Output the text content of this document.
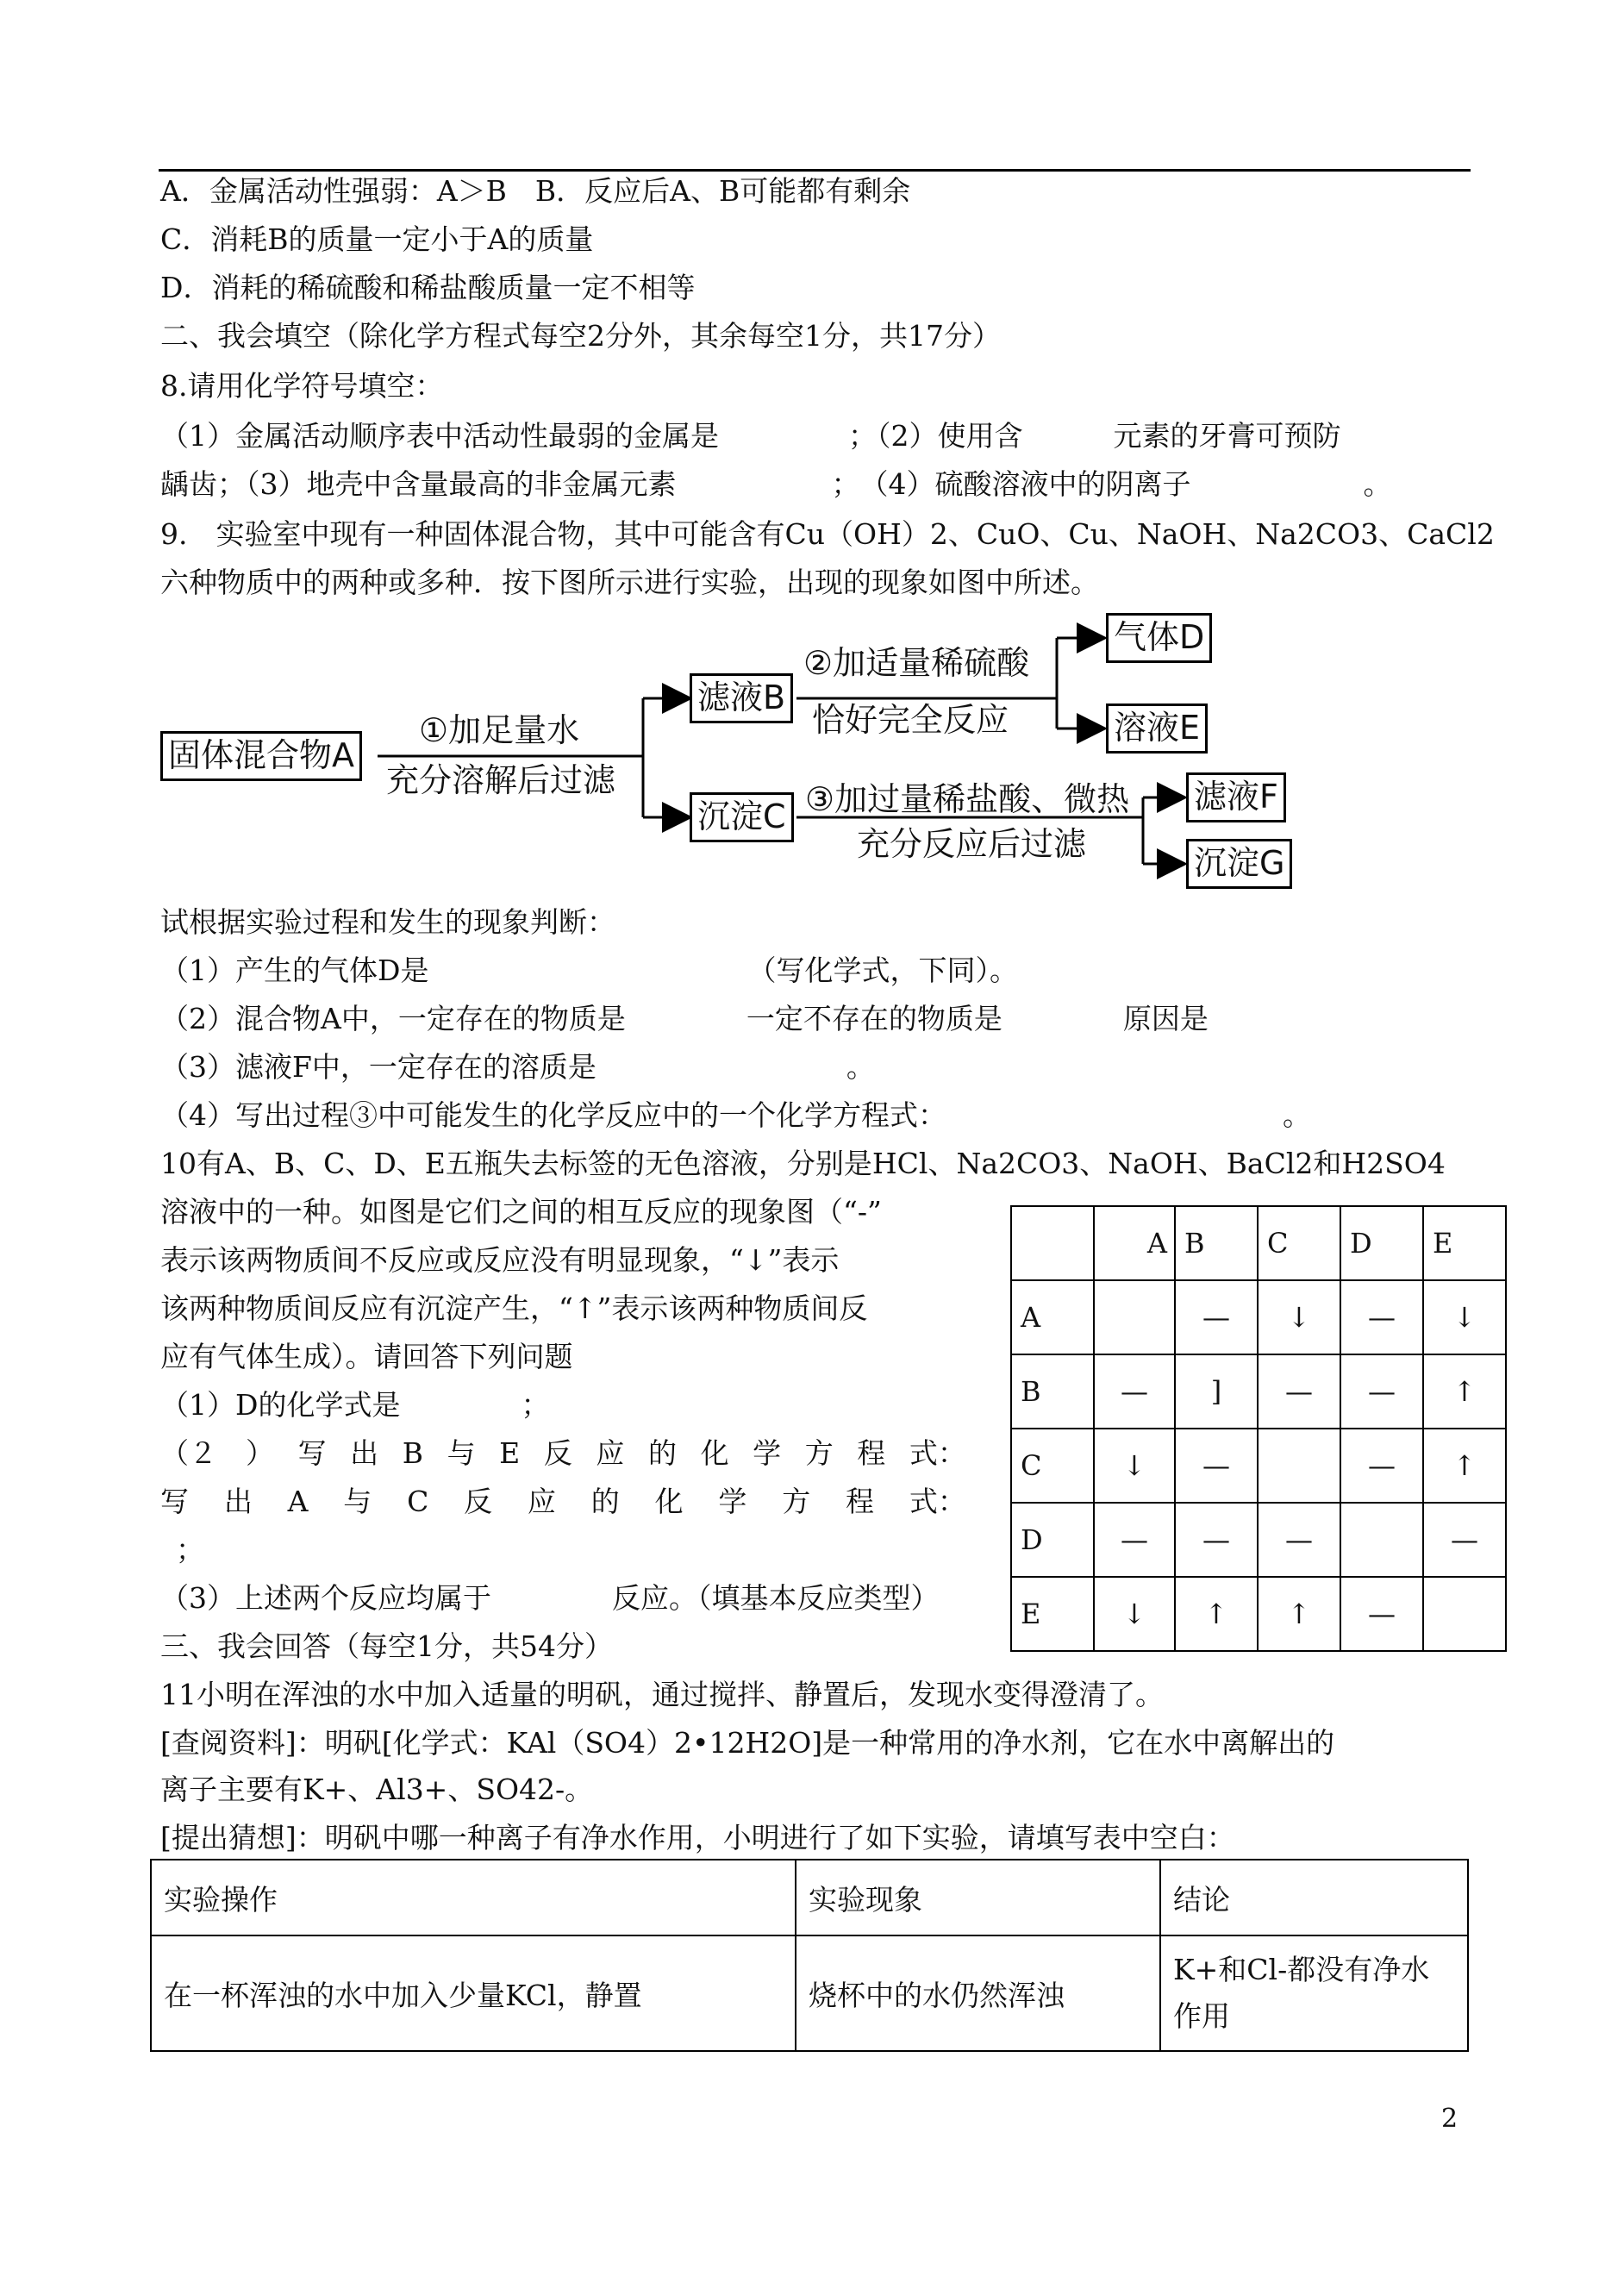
A．金属活动性强弱：A＞B　B．反应后A、B可能都有剩余
C．消耗B的质量一定小于A的质量
D．消耗的稀硫酸和稀盐酸质量一定不相等
二、我会填空（除化学方程式每空2分外，其余每空1分，共17分）
8.请用化学符号填空：
（1）金属活动顺序表中活动性最弱的金属是	；（2）使用含	元素的牙膏可预防
龋齿；（3）地壳中含量最高的非金属元素	；　（4）硫酸溶液中的阴离子	。
9.　实验室中现有一种固体混合物，其中可能含有Cu（OH）2、CuO、Cu、NaOH、Na2CO3、CaCl2
六种物质中的两种或多种．按下图所示进行实验，出现的现象如图中所述。
固体混合物A
①加足量水
充分溶解后过滤
滤液B
②加适量稀硫酸
恰好完全反应
气体D
溶液E
沉淀C ③加过量稀盐酸、微热
充分反应后过滤
滤液F
沉淀G
试根据实验过程和发生的现象判断：
（1）产生的气体D是	（写化学式，下同）。
（2）混合物A中，一定存在的物质是	一定不存在的物质是	原因是
（3）滤液F中，一定存在的溶质是	。
（4）写出过程③中可能发生的化学反应中的一个化学方程式：	。
10有A、B、C、D、E五瓶失去标签的无色溶液，分别是HCl、Na2CO3、NaOH、BaCl2和H2SO4
溶液中的一种。如图是它们之间的相互反应的现象图（“-”
表示该两物质间不反应或反应没有明显现象，“↓”表示
该两种物质间反应有沉淀产生，“↑”表示该两种物质间反
应有气体生成）。请回答下列问题
（1）D的化学式是	；
（２　） 写 出 B 与 E 反 应 的 化 学 方 程 式：
写 出 A 与 C 反 应 的 化 学 方 程 式：
；
（3）上述两个反应均属于	反应。（填基本反应类型）
三、我会回答（每空1分，共54分）
	A	B	C	D	E
A		—	↓	—	↓
B	—	]	—	—	↑
C	↓	—		—	↑
D	—	—	—		—
E	↓	↑	↑	—	
11小明在浑浊的水中加入适量的明矾，通过搅拌、静置后，发现水变得澄清了。
[查阅资料]：明矾[化学式：KAl（SO4）2•12H2O]是一种常用的净水剂，它在水中离解出的
离子主要有K+、Al3+、SO42-。
[提出猜想]：明矾中哪一种离子有净水作用，小明进行了如下实验，请填写表中空白：
实验操作	实验现象	结论
在一杯浑浊的水中加入少量KCl，静置	烧杯中的水仍然浑浊	K+和Cl-都没有净水作用
2
